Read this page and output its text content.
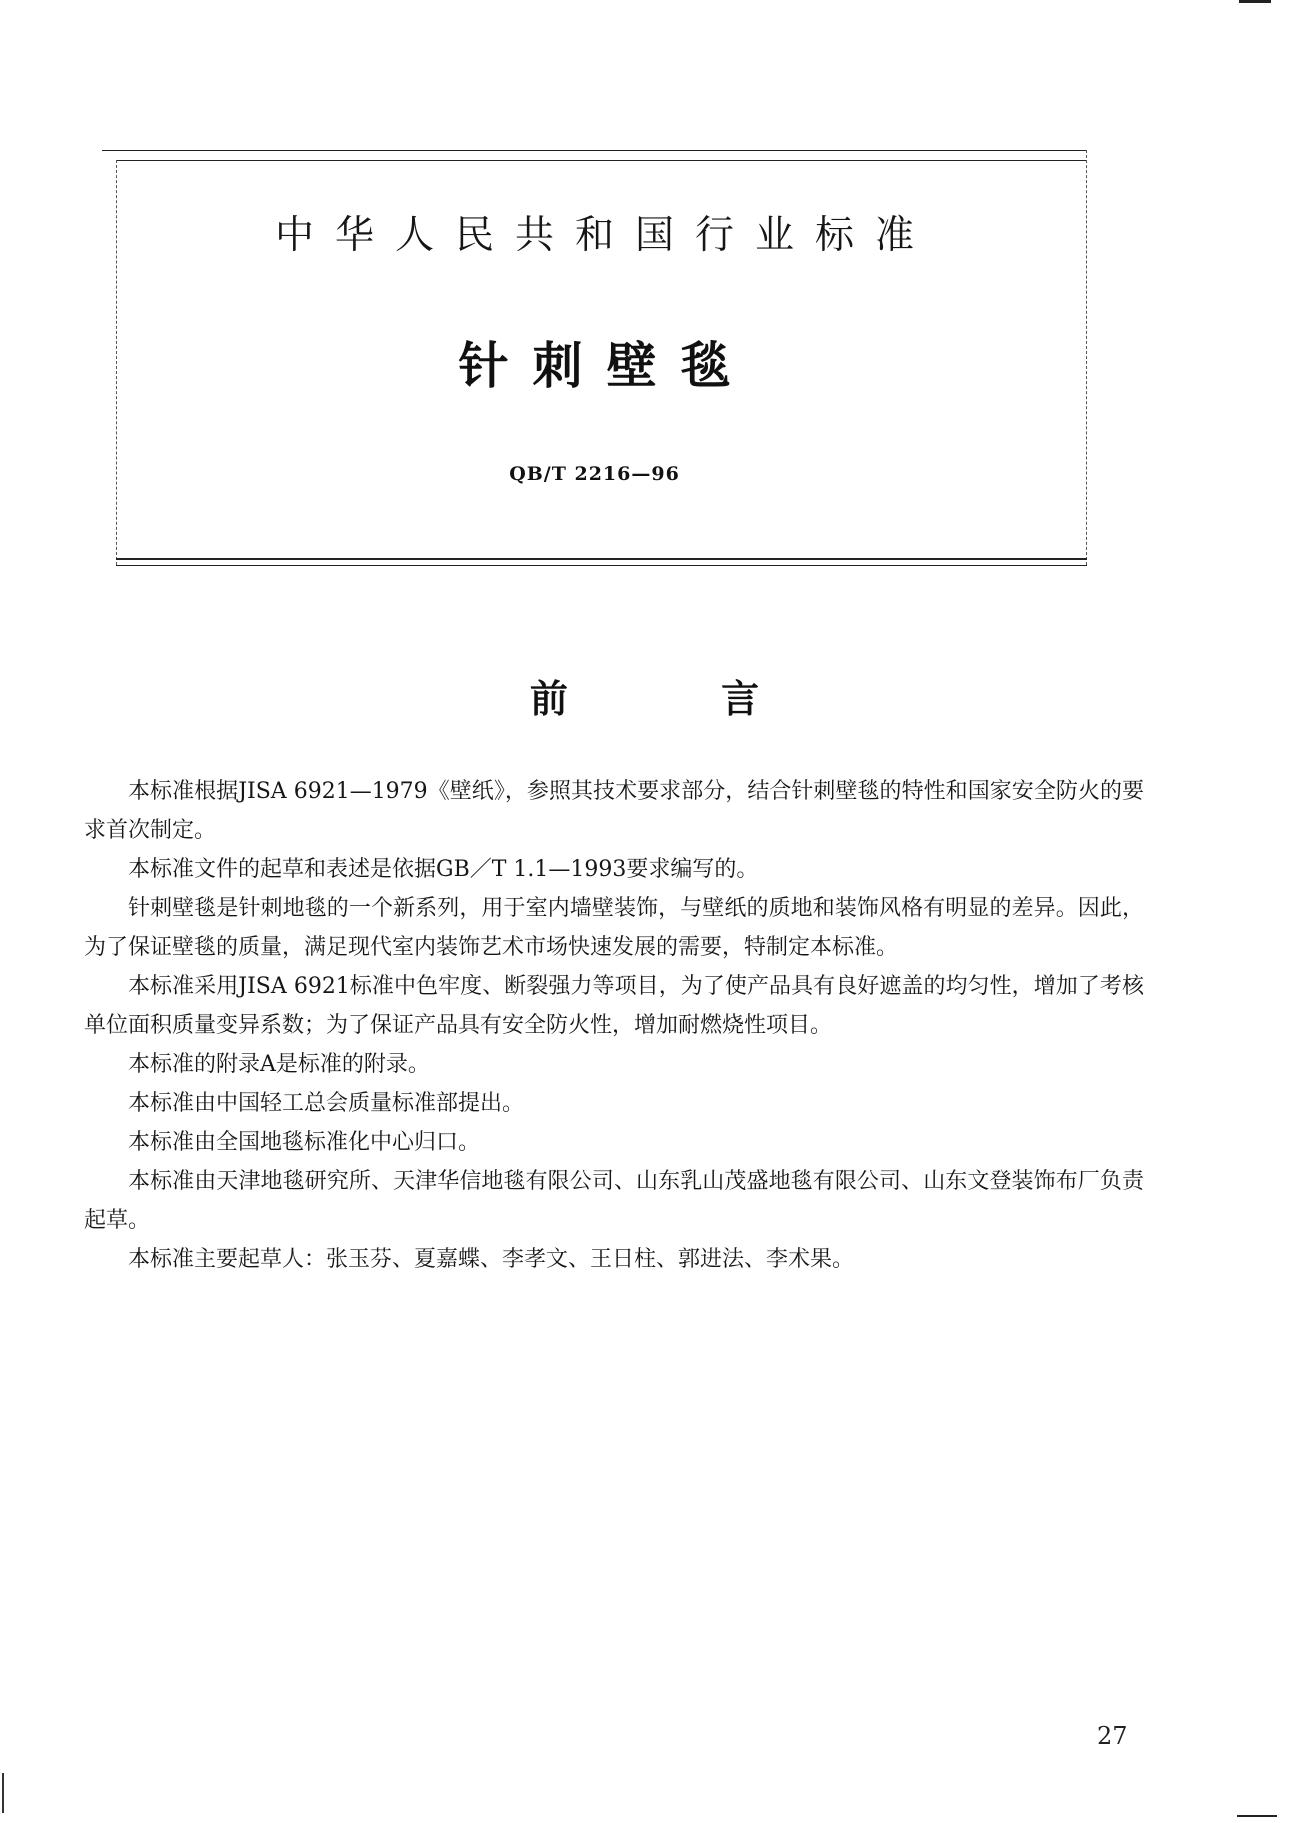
中华人民共和国行业标准
针刺壁毯
QB/T 2216—96
前 言

本标准根据JISA 6921—1979《壁纸》，参照其技术要求部分，结合针刺壁毯的特性和国家安全防火的要求首次制定。

本标准文件的起草和表述是依据GB／T 1.1—1993要求编写的。

针刺壁毯是针刺地毯的一个新系列，用于室内墙壁装饰，与壁纸的质地和装饰风格有明显的差异。因此，为了保证壁毯的质量，满足现代室内装饰艺术市场快速发展的需要，特制定本标准。

本标准采用JISA 6921标准中色牢度、断裂强力等项目，为了使产品具有良好遮盖的均匀性，增加了考核单位面积质量变异系数；为了保证产品具有安全防火性，增加耐燃烧性项目。

本标准的附录A是标准的附录。

本标准由中国轻工总会质量标准部提出。

本标准由全国地毯标准化中心归口。

本标准由天津地毯研究所、天津华信地毯有限公司、山东乳山茂盛地毯有限公司、山东文登装饰布厂负责起草。

本标准主要起草人：张玉芬、夏嘉蝶、李孝文、王日柱、郭进法、李术果。

27
